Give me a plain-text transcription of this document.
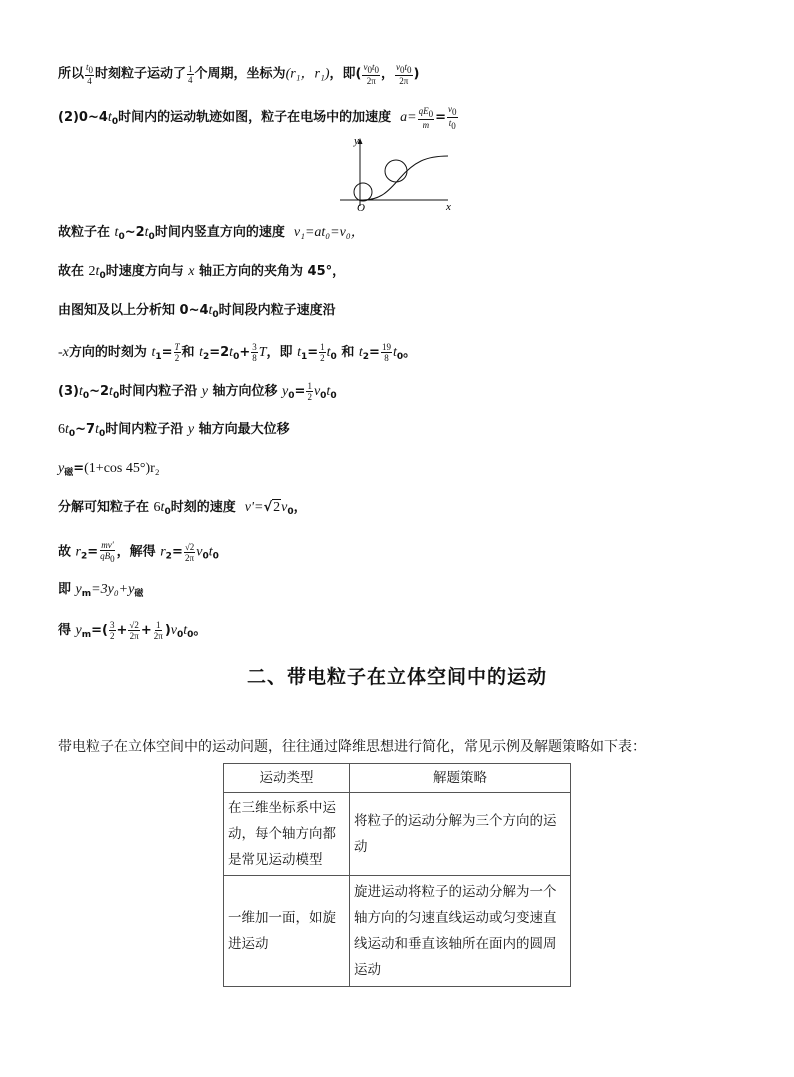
所以 $\frac{t_0}{4}$ 时刻粒子运动了 $\frac{1}{4}$ 个周期，坐标为(r₁，r₁)，即( $\frac{v_0t_0}{2\pi}$ ， $\frac{v_0t_0}{2\pi}$ )
$(2)0\sim 4t_0$时间内的运动轨迹如图，粒子在电场中的加速度 $a= \frac{qE_0}{m} = \frac{v_0}{t_0}$
y
x
O
故粒子在 $t_0\sim 2t_0$时间内竖直方向的速度 v₁=at₀=v₀，
故在 $2t_0$时速度方向与 x 轴正方向的夹角为 45°，
由图知及以上分析知 $0\sim 4t_0$时间段内粒子速度沿
-x方向的时刻为 $t_1= \frac{T}{2}$ 和 $t_2=2t_0+ \frac{3}{8}$ T，即 $t_1= \frac{1}{2} t_0$ 和 $t_2= \frac{19}{8} t_0$。
$(3)t_0\sim 2t_0$时间内粒子沿 y 轴方向位移 $y_0= \frac{1}{2} v_0t_0$
$6t_0\sim 7t_0$时间内粒子沿 y 轴方向最大位移
$y_磁=(1+\cos$ 45°)r₂
分解可知粒子在 $6t_0$时刻的速度 $v'=√2v_0$，
故 $r_2= \frac{mv'}{qB_0}$ ，解得 $r_2= \frac{√2}{2\pi} v_0t_0$
即 $y_m=3y_0+y_磁$
得 $y_m=( \frac{3}{2} + \frac{√2}{2\pi} + \frac{1}{2\pi} )v_0t_0$。
二、带电粒子在立体空间中的运动
带电粒子在立体空间中的运动问题，往往通过降维思想进行简化，常见示例及解题策略如下表：
运动类型	解题策略
在三维坐标系中运动，每个轴方向都是常见运动模型	将粒子的运动分解为三个方向的运动
一维加一面，如旋进运动	旋进运动将粒子的运动分解为一个轴方向的匀速直线运动或匀变速直线运动和垂直该轴所在面内的圆周运动
